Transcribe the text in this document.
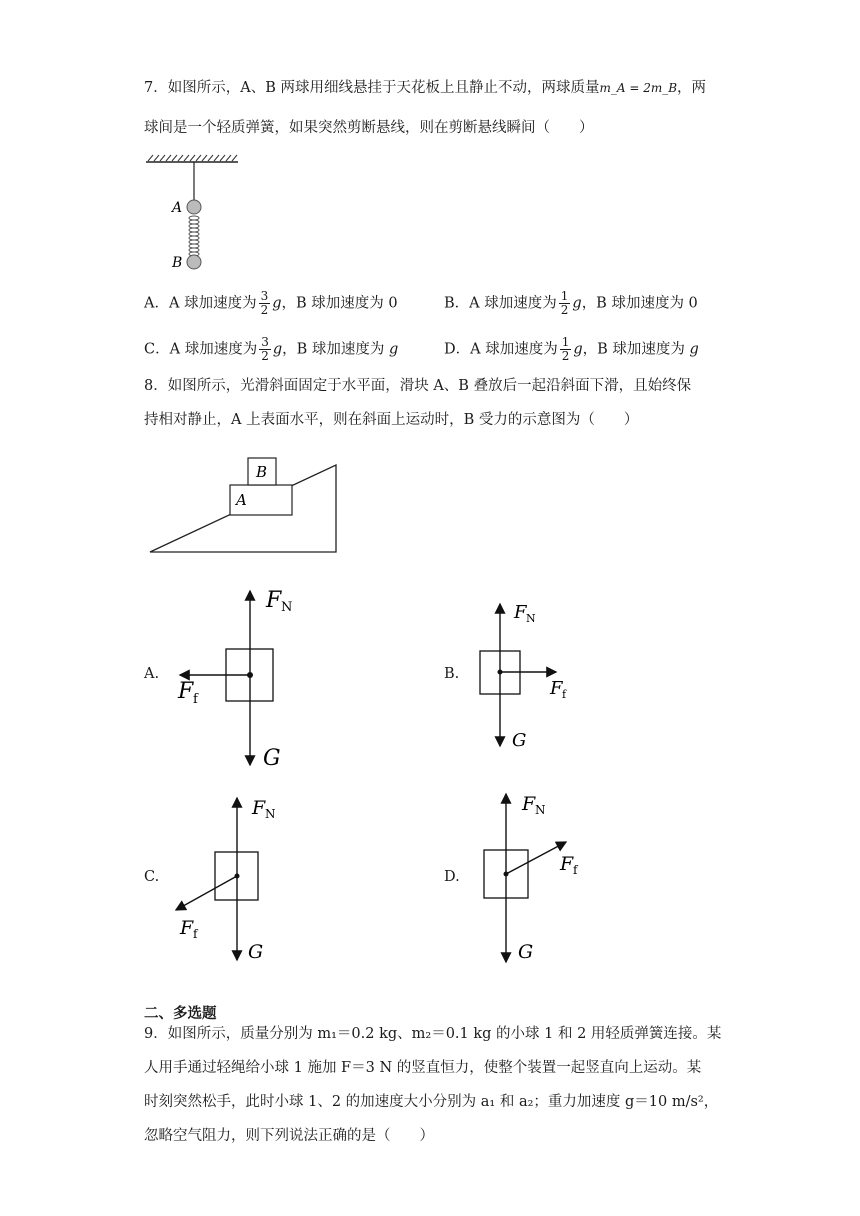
7．如图所示，A、B 两球用细线悬挂于天花板上且静止不动，两球质量m_A = 2m_B，两
球间是一个轻质弹簧，如果突然剪断悬线，则在剪断悬线瞬间（　　）
A
B
A．A 球加速度为 $\frac{3}{2}$ g，B 球加速度为 0	B．A 球加速度为 $\frac{1}{2}$ g，B 球加速度为 0
C．A 球加速度为 $\frac{3}{2}$ g，B 球加速度为 g	D．A 球加速度为 $\frac{1}{2}$ g，B 球加速度为 g
8．如图所示，光滑斜面固定于水平面，滑块 A、B 叠放后一起沿斜面下滑，且始终保
持相对静止，A 上表面水平，则在斜面上运动时，B 受力的示意图为（　　）
A
B
A.
F N
F f
G
B.
F N
F f
G
C.
F N
F f
G
D.
F N
F f
G
二、多选题
9．如图所示，质量分别为 m₁＝0.2 kg、m₂＝0.1 kg 的小球 1 和 2 用轻质弹簧连接。某
人用手通过轻绳给小球 1 施加 F＝3 N 的竖直恒力，使整个装置一起竖直向上运动。某
时刻突然松手，此时小球 1、2 的加速度大小分别为 a₁ 和 a₂；重力加速度 g＝10 m/s²，
忽略空气阻力，则下列说法正确的是（　　）
